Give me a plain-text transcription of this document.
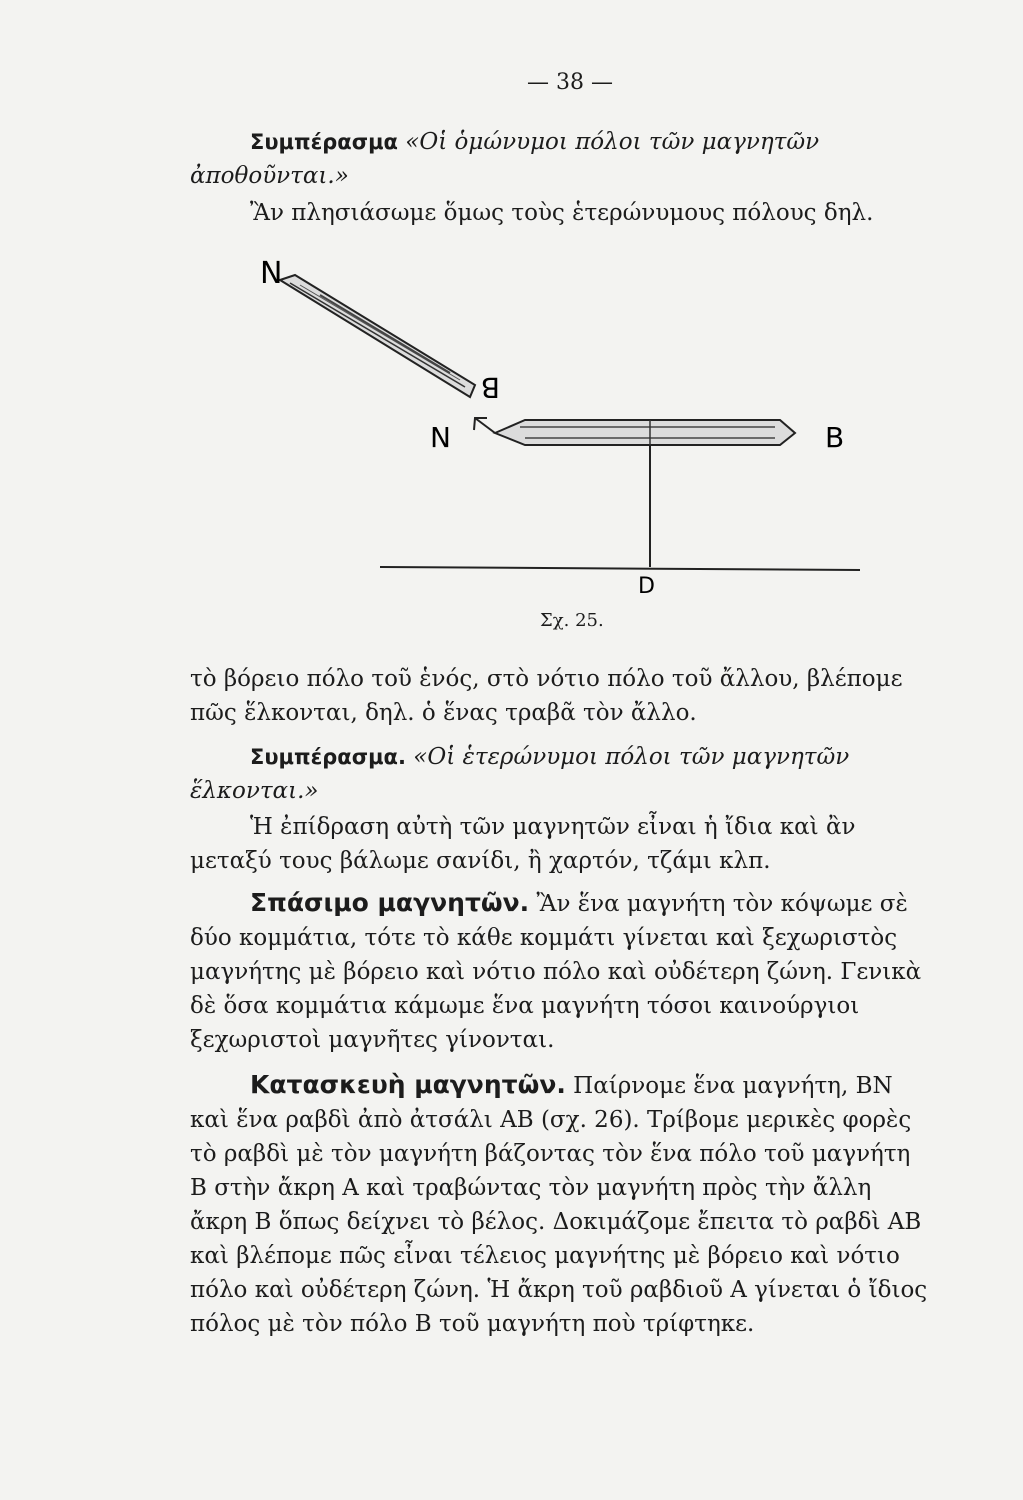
— 38 —
Συμπέρασμα «Οἱ ὁμώνυμοι πόλοι τῶν μαγνητῶν ἀποθοῦνται.»
Ἂν πλησιάσωμε ὅμως τοὺς ἑτερώνυμους πόλους δηλ.
N
B
N	B
D
Σχ. 25.
τὸ βόρειο πόλο τοῦ ἑνός, στὸ νότιο πόλο τοῦ ἄλλου, βλέπομε πῶς ἕλκονται, δηλ. ὁ ἕνας τραβᾶ τὸν ἄλλο.
Συμπέρασμα. «Οἱ ἑτερώνυμοι πόλοι τῶν μαγνητῶν ἕλκονται.»
Ἡ ἐπίδραση αὐτὴ τῶν μαγνητῶν εἶναι ἡ ἴδια καὶ ἂν μεταξύ τους βάλωμε σανίδι, ἢ χαρτόν, τζάμι κλπ.
Σπάσιμο μαγνητῶν. Ἂν ἕνα μαγνήτη τὸν κόψωμε σὲ δύο κομμάτια, τότε τὸ κάθε κομμάτι γίνεται καὶ ξεχωριστὸς μαγνήτης μὲ βόρειο καὶ νότιο πόλο καὶ οὐδέτερη ζώνη. Γενικὰ δὲ ὅσα κομμάτια κάμωμε ἕνα μαγνήτη τόσοι καινούργιοι ξεχωριστοὶ μαγνῆτες γίνονται.
Κατασκευὴ μαγνητῶν. Παίρνομε ἕνα μαγνήτη, ΒΝ καὶ ἕνα ραβδὶ ἀπὸ ἀτσάλι ΑΒ (σχ. 26). Τρίβομε μερικὲς φορὲς τὸ ραβδὶ μὲ τὸν μαγνήτη βάζοντας τὸν ἕνα πόλο τοῦ μαγνήτη Β στὴν ἄκρη Α καὶ τραβώντας τὸν μαγνήτη πρὸς τὴν ἄλλη ἄκρη Β ὅπως δείχνει τὸ βέλος. Δοκιμάζομε ἔπειτα τὸ ραβδὶ ΑΒ καὶ βλέπομε πῶς εἶναι τέλειος μαγνήτης μὲ βόρειο καὶ νότιο πόλο καὶ οὐδέτερη ζώνη. Ἡ ἄκρη τοῦ ραβδιοῦ Α γίνεται ὁ ἴδιος πόλος μὲ τὸν πόλο Β τοῦ μαγνήτη ποὺ τρίφτηκε.
